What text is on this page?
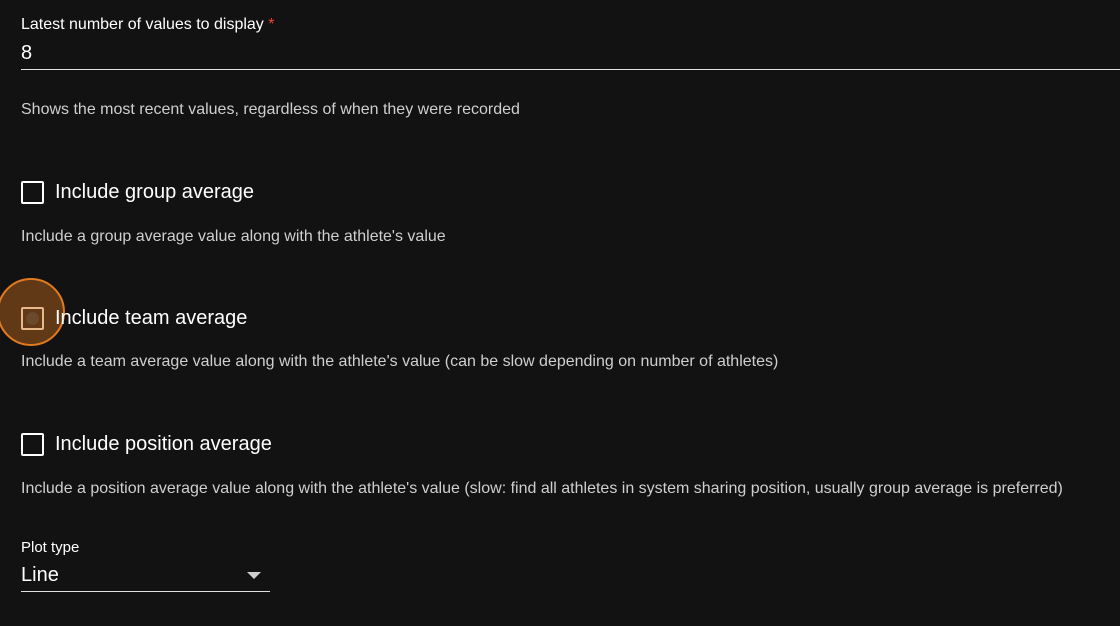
Latest number of values to display *
8
Shows the most recent values, regardless of when they were recorded
Include group average
Include a group average value along with the athlete's value
Include team average
Include a team average value along with the athlete's value (can be slow depending on number of athletes)
Include position average
Include a position average value along with the athlete's value (slow: find all athletes in system sharing position, usually group average is preferred)
Plot type
Line
